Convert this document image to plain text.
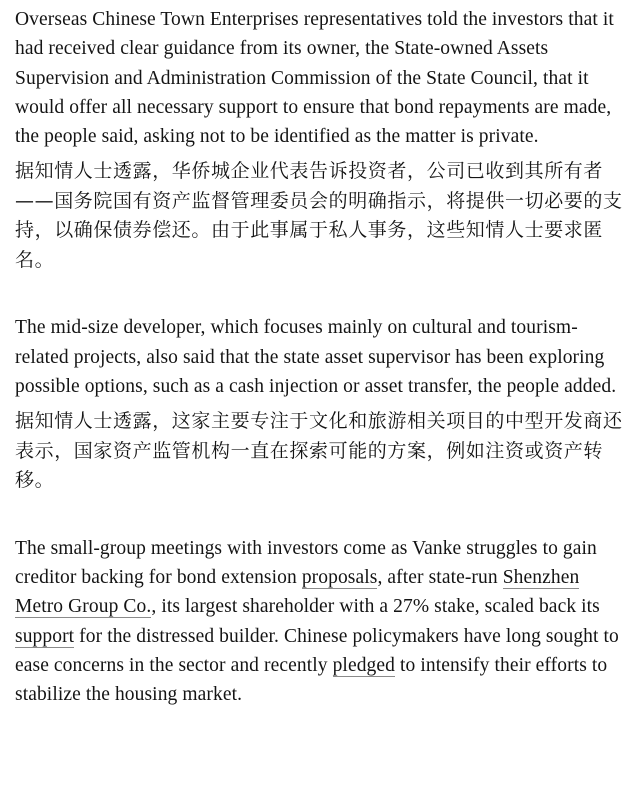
Overseas Chinese Town Enterprises representatives told the investors that it had received clear guidance from its owner, the State-owned Assets Supervision and Administration Commission of the State Council, that it would offer all necessary support to ensure that bond repayments are made, the people said, asking not to be identified as the matter is private.

据知情人士透露，华侨城企业代表告诉投资者，公司已收到其所有者——国务院国有资产监督管理委员会的明确指示，将提供一切必要的支持，以确保债券偿还。由于此事属于私人事务，这些知情人士要求匿名。

The mid-size developer, which focuses mainly on cultural and tourism-related projects, also said that the state asset supervisor has been exploring possible options, such as a cash injection or asset transfer, the people added.

据知情人士透露，这家主要专注于文化和旅游相关项目的中型开发商还表示，国家资产监管机构一直在探索可能的方案，例如注资或资产转移。

The small-group meetings with investors come as Vanke struggles to gain creditor backing for bond extension proposals, after state-run Shenzhen Metro Group Co., its largest shareholder with a 27% stake, scaled back its support for the distressed builder. Chinese policymakers have long sought to ease concerns in the sector and recently pledged to intensify their efforts to stabilize the housing market.
